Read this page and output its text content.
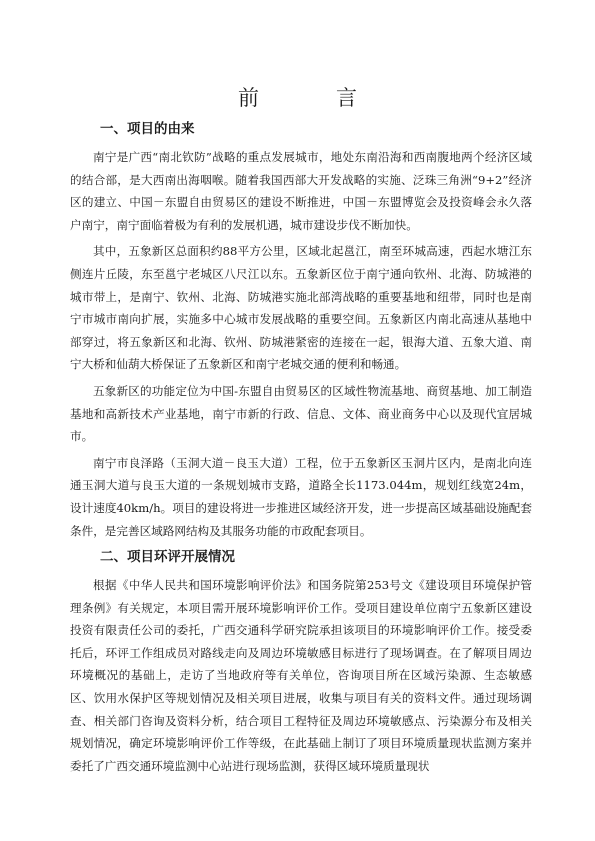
前　言
一、项目的由来

南宁是广西“南北钦防”战略的重点发展城市，地处东南沿海和西南腹地两个经济区域的结合部，是大西南出海咽喉。随着我国西部大开发战略的实施、泛珠三角洲“9+2”经济区的建立、中国－东盟自由贸易区的建设不断推进，中国－东盟博览会及投资峰会永久落户南宁，南宁面临着极为有利的发展机遇，城市建设步伐不断加快。

其中，五象新区总面积约88平方公里，区域北起邕江，南至环城高速，西起水塘江东侧连片丘陵，东至邕宁老城区八尺江以东。五象新区位于南宁通向钦州、北海、防城港的城市带上，是南宁、钦州、北海、防城港实施北部湾战略的重要基地和纽带，同时也是南宁市城市南向扩展，实施多中心城市发展战略的重要空间。五象新区内南北高速从基地中部穿过，将五象新区和北海、钦州、防城港紧密的连接在一起，银海大道、五象大道、南宁大桥和仙葫大桥保证了五象新区和南宁老城交通的便利和畅通。

五象新区的功能定位为中国-东盟自由贸易区的区域性物流基地、商贸基地、加工制造基地和高新技术产业基地，南宁市新的行政、信息、文体、商业商务中心以及现代宜居城市。

南宁市良泽路（玉洞大道－良玉大道）工程，位于五象新区玉洞片区内，是南北向连通玉洞大道与良玉大道的一条规划城市支路，道路全长1173.044m，规划红线宽24m，设计速度40km/h。项目的建设将进一步推进区域经济开发，进一步提高区域基础设施配套条件，是完善区域路网结构及其服务功能的市政配套项目。

二、项目环评开展情况

根据《中华人民共和国环境影响评价法》和国务院第253号文《建设项目环境保护管理条例》有关规定，本项目需开展环境影响评价工作。受项目建设单位南宁五象新区建设投资有限责任公司的委托，广西交通科学研究院承担该项目的环境影响评价工作。接受委托后，环评工作组成员对路线走向及周边环境敏感目标进行了现场调查。在了解项目周边环境概况的基础上，走访了当地政府等有关单位，咨询项目所在区域污染源、生态敏感区、饮用水保护区等规划情况及相关项目进展，收集与项目有关的资料文件。通过现场调查、相关部门咨询及资料分析，结合项目工程特征及周边环境敏感点、污染源分布及相关规划情况，确定环境影响评价工作等级，在此基础上制订了项目环境质量现状监测方案并委托了广西交通环境监测中心站进行现场监测，获得区域环境质量现状
